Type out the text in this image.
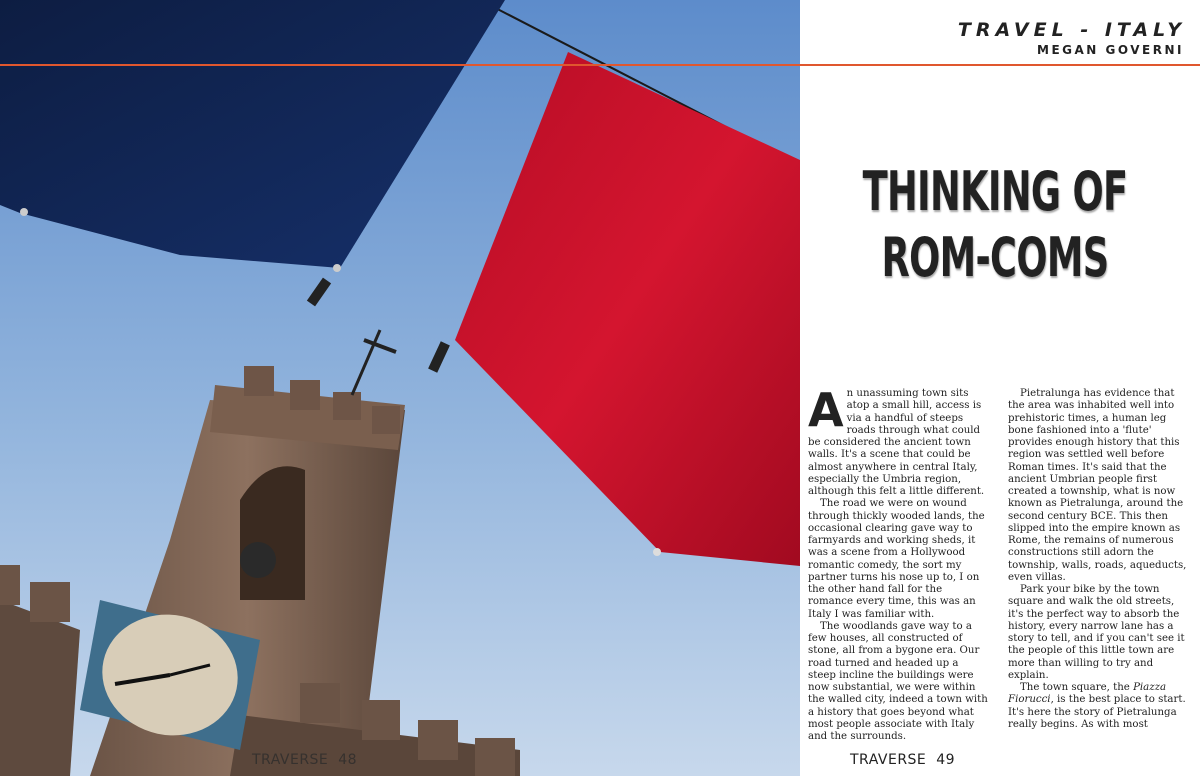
TRAVERSE 48
TRAVEL - ITALY
MEGAN GOVERNI
THINKING OF
ROM-COMS

An unassuming town sits atop a small hill, access is via a handful of steeps roads through what could be considered the ancient town walls. It's a scene that could be almost anywhere in central Italy, especially the Umbria region, although this felt a little different.

The road we were on wound through thickly wooded lands, the occasional clearing gave way to farmyards and working sheds, it was a scene from a Hollywood romantic comedy, the sort my partner turns his nose up to, I on the other hand fall for the romance every time, this was an Italy I was familiar with.

The woodlands gave way to a few houses, all constructed of stone, all from a bygone era. Our road turned and headed up a steep incline the buildings were now substantial, we were within the walled city, indeed a town with a history that goes beyond what most people associate with Italy and the surrounds.

Pietralunga has evidence that the area was inhabited well into prehistoric times, a human leg bone fashioned into a 'flute' provides enough history that this region was settled well before Roman times. It's said that the ancient Umbrian people first created a township, what is now known as Pietralunga, around the second century BCE. This then slipped into the empire known as Rome, the remains of numerous constructions still adorn the township, walls, roads, aqueducts, even villas.

Park your bike by the town square and walk the old streets, it's the perfect way to absorb the history, every narrow lane has a story to tell, and if you can't see it the people of this little town are more than willing to try and explain.

The town square, the Piazza Fiorucci, is the best place to start. It's here the story of Pietralunga really begins. As with most

TRAVERSE 49
